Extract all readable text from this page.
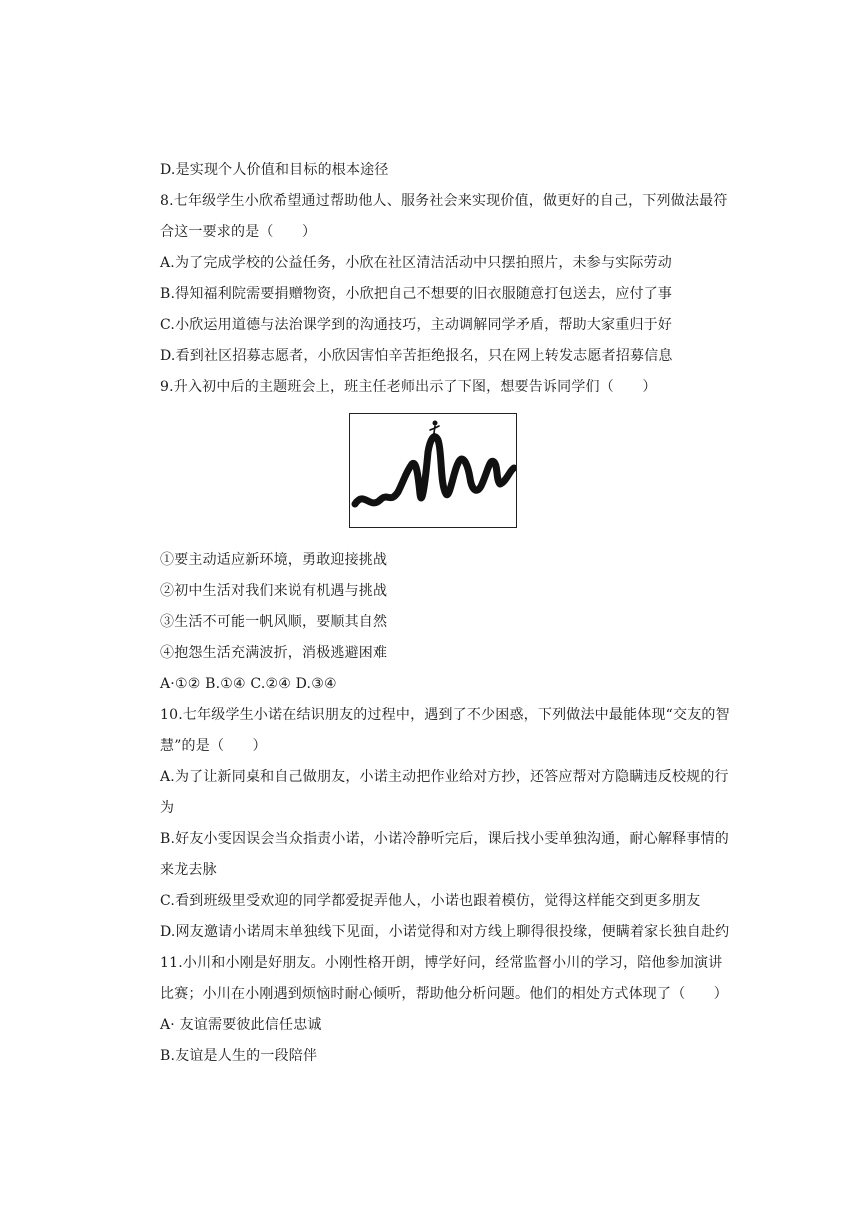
D.是实现个人价值和目标的根本途径
8.七年级学生小欣希望通过帮助他人、服务社会来实现价值，做更好的自己，下列做法最符
合这一要求的是（　　）
A.为了完成学校的公益任务，小欣在社区清洁活动中只摆拍照片，未参与实际劳动
B.得知福利院需要捐赠物资，小欣把自己不想要的旧衣服随意打包送去，应付了事
C.小欣运用道德与法治课学到的沟通技巧，主动调解同学矛盾，帮助大家重归于好
D.看到社区招募志愿者，小欣因害怕辛苦拒绝报名，只在网上转发志愿者招募信息
9.升入初中后的主题班会上，班主任老师出示了下图，想要告诉同学们（　　）
①要主动适应新环境，勇敢迎接挑战
②初中生活对我们来说有机遇与挑战
③生活不可能一帆风顺，要顺其自然
④抱怨生活充满波折，消极逃避困难
A·①② B.①④ C.②④ D.③④
10.七年级学生小诺在结识朋友的过程中，遇到了不少困惑，下列做法中最能体现“交友的智
慧”的是（　　）
A.为了让新同桌和自己做朋友，小诺主动把作业给对方抄，还答应帮对方隐瞒违反校规的行
为
B.好友小雯因误会当众指责小诺，小诺冷静听完后，课后找小雯单独沟通，耐心解释事情的
来龙去脉
C.看到班级里受欢迎的同学都爱捉弄他人，小诺也跟着模仿，觉得这样能交到更多朋友
D.网友邀请小诺周末单独线下见面，小诺觉得和对方线上聊得很投缘，便瞒着家长独自赴约
11.小川和小刚是好朋友。小刚性格开朗，博学好问，经常监督小川的学习，陪他参加演讲
比赛；小川在小刚遇到烦恼时耐心倾听，帮助他分析问题。他们的相处方式体现了（　　）
A· 友谊需要彼此信任忠诚
B.友谊是人生的一段陪伴
